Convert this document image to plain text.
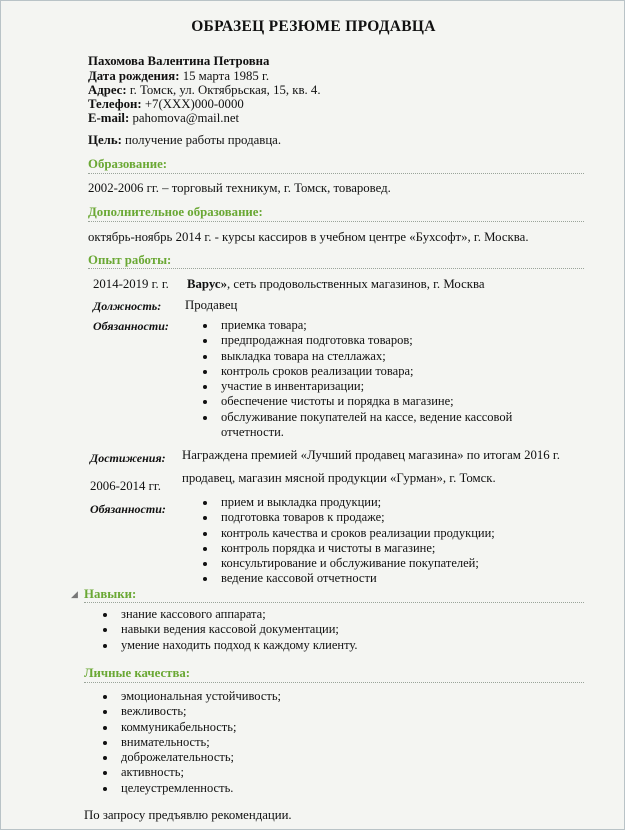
ОБРАЗЕЦ РЕЗЮМЕ ПРОДАВЦА
Пахомова Валентина Петровна
Дата рождения: 15 марта 1985 г.
Адрес: г. Томск, ул. Октябрьская, 15, кв. 4.
Телефон: +7(XXX)000-0000
E-mail: pahomova@mail.net
Цель: получение работы продавца.
Образование:
2002-2006 гг. – торговый техникум, г. Томск, товаровед.
Дополнительное образование:
октябрь-ноябрь 2014 г. - курсы кассиров в учебном центре «Бухсофт», г. Москва.
Опыт работы:
2014-2019 г. г. Варус», сеть продовольственных магазинов, г. Москва
Должность: Продавец
Обязанности:	приемка товара;
предпродажная подготовка товаров;
выкладка товара на стеллажах;
контроль сроков реализации товара;
участие в инвентаризации;
обеспечение чистоты и порядка в магазине;
обслуживание покупателей на кассе, ведение кассовой
отчетности.
Достижения: Награждена премией «Лучший продавец магазина» по итогам 2016 г.
2006-2014 гг.
продавец, магазин мясной продукции «Гурман», г. Томск.
Обязанности:	прием и выкладка продукции;
подготовка товаров к продаже;
контроль качества и сроков реализации продукции;
контроль порядка и чистоты в магазине;
консультирование и обслуживание покупателей;
ведение кассовой отчетности
◢ Навыки:
знание кассового аппарата;
навыки ведения кассовой документации;
умение находить подход к каждому клиенту.
Личные качества:
эмоциональная устойчивость;
вежливость;
коммуникабельность;
внимательность;
доброжелательность;
активность;
целеустремленность.
По запросу предъявлю рекомендации.
